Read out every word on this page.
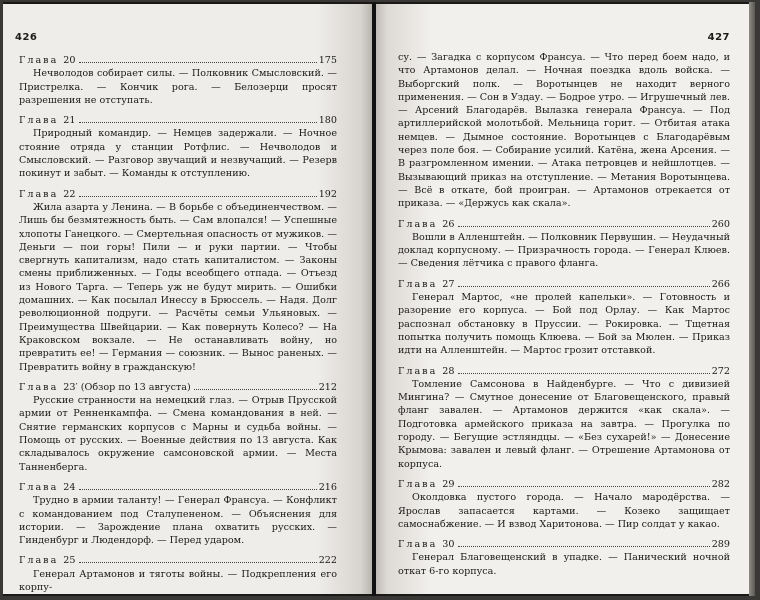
426
Глава 20	175
Нечволодов собирает силы. — Полковник Смысловский. — Пристрелка. — Кончик рога. — Белозерци просят разрешения не отступать.
Глава 21	180
Природный командир. — Немцев задержали. — Ночное стояние отряда у станции Ротфлис. — Нечволодов и Смысловский. — Разговор звучащий и незвучащий. — Резерв покинут и забыт. — Команды к отступлению.
Глава 22	192
Жила азарта у Ленина. — В борьбе с объединенчеством. — Лишь бы безмятежность быть. — Сам влопался! — Успешные хлопоты Ганецкого. — Смертельная опасность от мужиков. — Деньги — пои горы! Пили — и руки партии. — Чтобы свергнуть капитализм, надо стать капиталистом. — Законы смены приближенных. — Годы всеобщего отпада. — Отъезд из Нового Тарга. — Теперь уж не будут мирить. — Ошибки домашних. — Как посылал Инессу в Брюссель. — Надя. Долг революционной подруги. — Расчёты семьи Ульяновых. — Преимущества Швейцарии. — Как повернуть Колесо? — На Краковском вокзале. — Не останавливать войну, но превратить ее! — Германия — союзник. — Вынос раненых. — Превратить войну в гражданскую!
Глава 23′ (Обзор по 13 августа)	212
Русские странности на немецкий глаз. — Отрыв Прусской армии от Ренненкампфа. — Смена командования в ней. — Снятие германских корпусов с Марны и судьба войны. — Помощь от русских. — Военные действия по 13 августа. Как складывалось окружение самсоновской армии. — Места Танненберга.
Глава 24	216
Трудно в армии таланту! — Генерал Франсуа. — Конфликт с командованием под Сталупененом. — Объяснения для истории. — Зарождение плана охватить русских. — Гинденбург и Людендорф. — Перед ударом.
Глава 25	222
Генерал Артамонов и тяготы войны. — Подкрепления его корпу-
427
су. — Загадка с корпусом Франсуа. — Что перед боем надо, и что Артамонов делал. — Ночная поездка вдоль войска. — Выборгский полк. — Воротынцев не находит верного применения. — Сон в Уздау. — Бодрое утро. — Игрушечный лев. — Арсений Благодарёв. Вылазка генерала Франсуа. — Под артиллерийской молотьбой. Мельница горит. — Отбитая атака немцев. — Дымное состояние. Воротынцев с Благодарёвым через поле боя. — Собирание усилий. Катёна, жена Арсения. — В разгромленном имении. — Атака петровцев и нейшлотцев. — Вызывающий приказ на отступление. — Метания Воротынцева. — Всё в откате, бой проигран. — Артамонов отрекается от приказа. — «Держусь как скала».
Глава 26	260
Вошли в Алленштейн. — Полковник Первушин. — Неудачный доклад корпусному. — Призрачность города. — Генерал Клюев. — Сведения лётчика с правого фланга.
Глава 27	266
Генерал Мартос, «не пролей капельки». — Готовность и разорение его корпуса. — Бой под Орлау. — Как Мартос распознал обстановку в Пруссии. — Рокировка. — Тщетная попытка получить помощь Клюева. — Бой за Мюлен. — Приказ идти на Алленштейн. — Мартос грозит отставкой.
Глава 28	272
Томление Самсонова в Найденбурге. — Что с дивизией Мингина? — Смутное донесение от Благовещенского, правый фланг завален. — Артамонов держится «как скала». — Подготовка армейского приказа на завтра. — Прогулка по городу. — Бегущие эстляндцы. — «Без сухарей!» — Донесение Крымова: завален и левый фланг. — Отрешение Артамонова от корпуса.
Глава 29	282
Околдовка пустого города. — Начало мародёрства. — Ярослав запасается картами. — Козеко защищает самоснабжение. — И взвод Харитонова. — Пир солдат у какао.
Глава 30	289
Генерал Благовещенский в упадке. — Панический ночной откат 6-го корпуса.
